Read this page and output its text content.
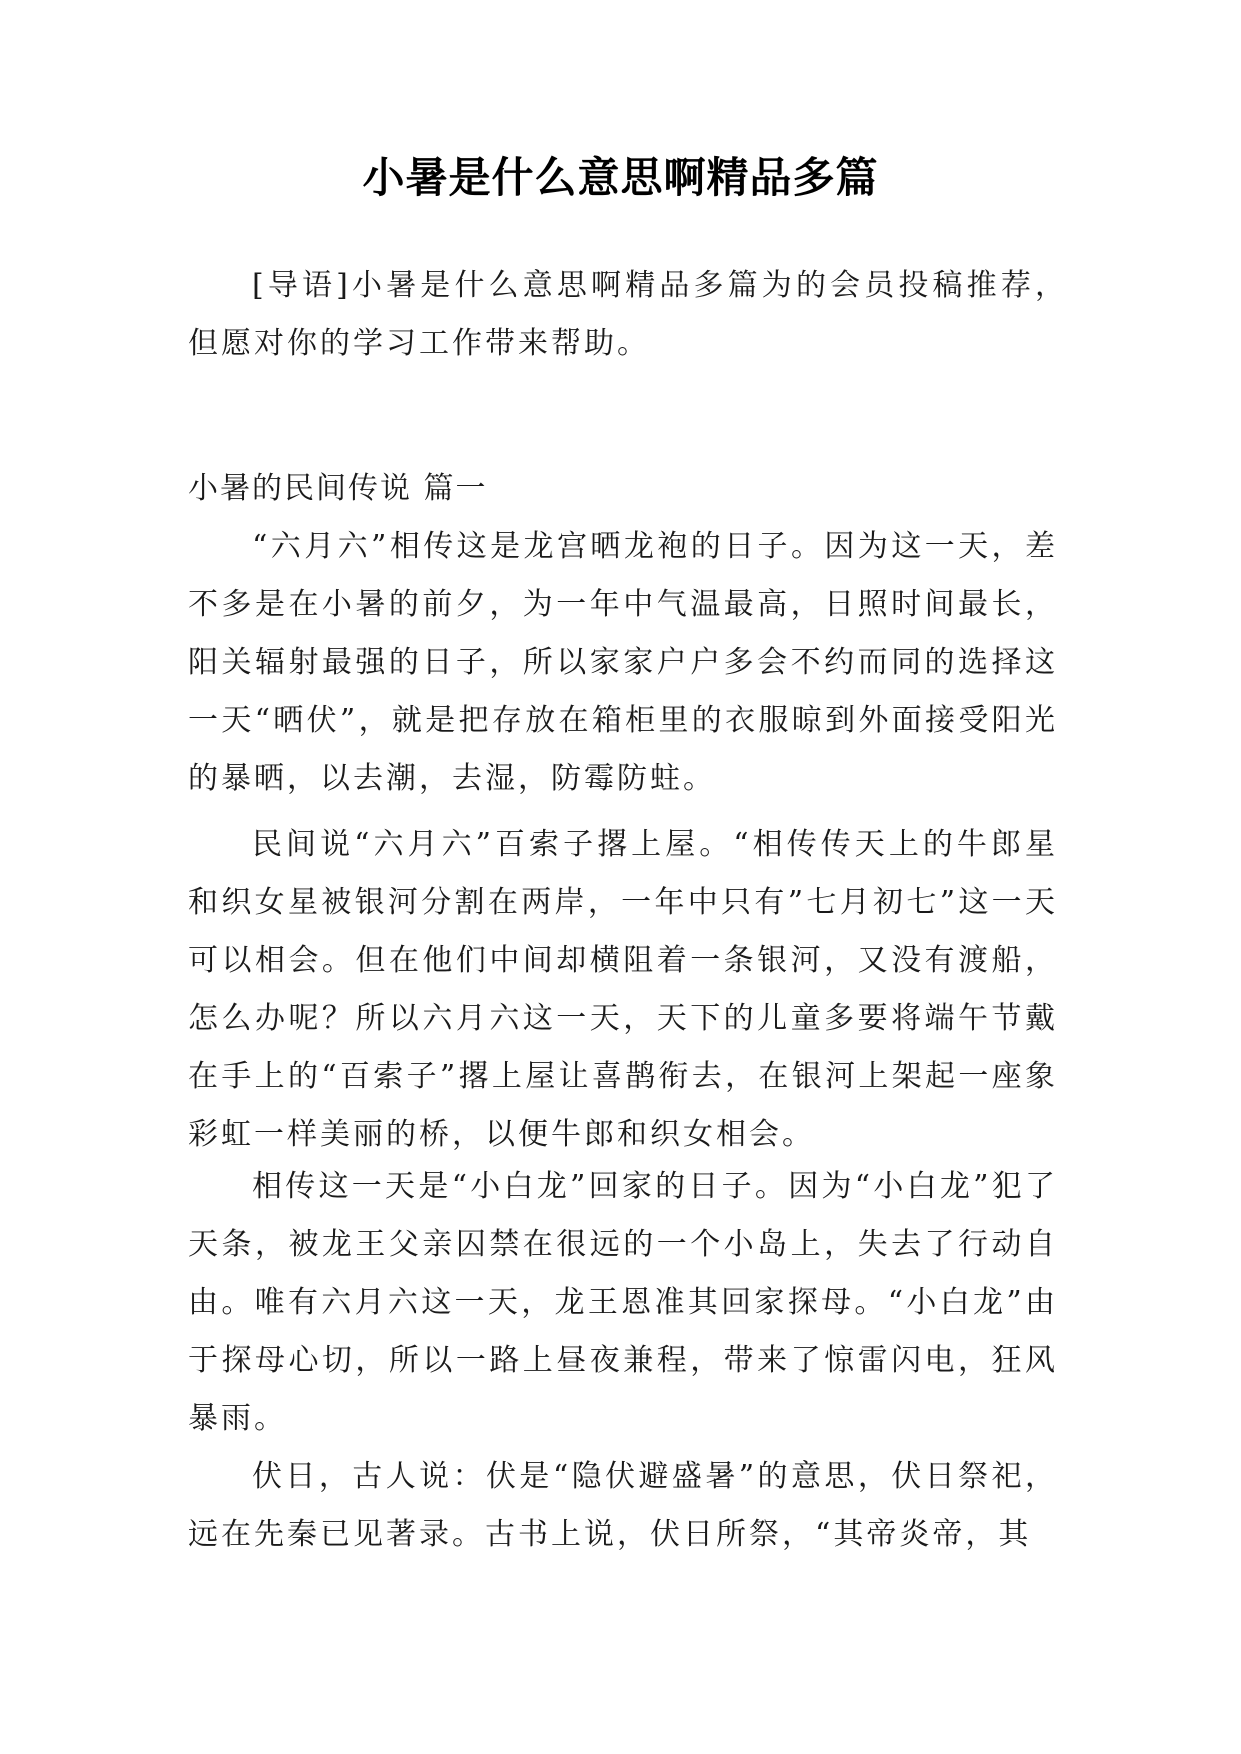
小暑是什么意思啊精品多篇
[导语]小暑是什么意思啊精品多篇为的会员投稿推荐，但愿对你的学习工作带来帮助。
小暑的民间传说 篇一
“六月六”相传这是龙宫晒龙袍的日子。因为这一天，差不多是在小暑的前夕，为一年中气温最高，日照时间最长，阳关辐射最强的日子，所以家家户户多会不约而同的选择这一天“晒伏”，就是把存放在箱柜里的衣服晾到外面接受阳光的暴晒，以去潮，去湿，防霉防蛀。
民间说“六月六”百索子撂上屋。“相传传天上的牛郎星和织女星被银河分割在两岸，一年中只有”七月初七”这一天可以相会。但在他们中间却横阻着一条银河，又没有渡船，怎么办呢？所以六月六这一天，天下的儿童多要将端午节戴在手上的“百索子”撂上屋让喜鹊衔去，在银河上架起一座象彩虹一样美丽的桥，以便牛郎和织女相会。
相传这一天是“小白龙”回家的日子。因为“小白龙”犯了天条，被龙王父亲囚禁在很远的一个小岛上，失去了行动自由。唯有六月六这一天，龙王恩准其回家探母。“小白龙”由于探母心切，所以一路上昼夜兼程，带来了惊雷闪电，狂风暴雨。
伏日，古人说：伏是“隐伏避盛暑”的意思，伏日祭祀，远在先秦已见著录。古书上说，伏日所祭，“其帝炎帝，其
